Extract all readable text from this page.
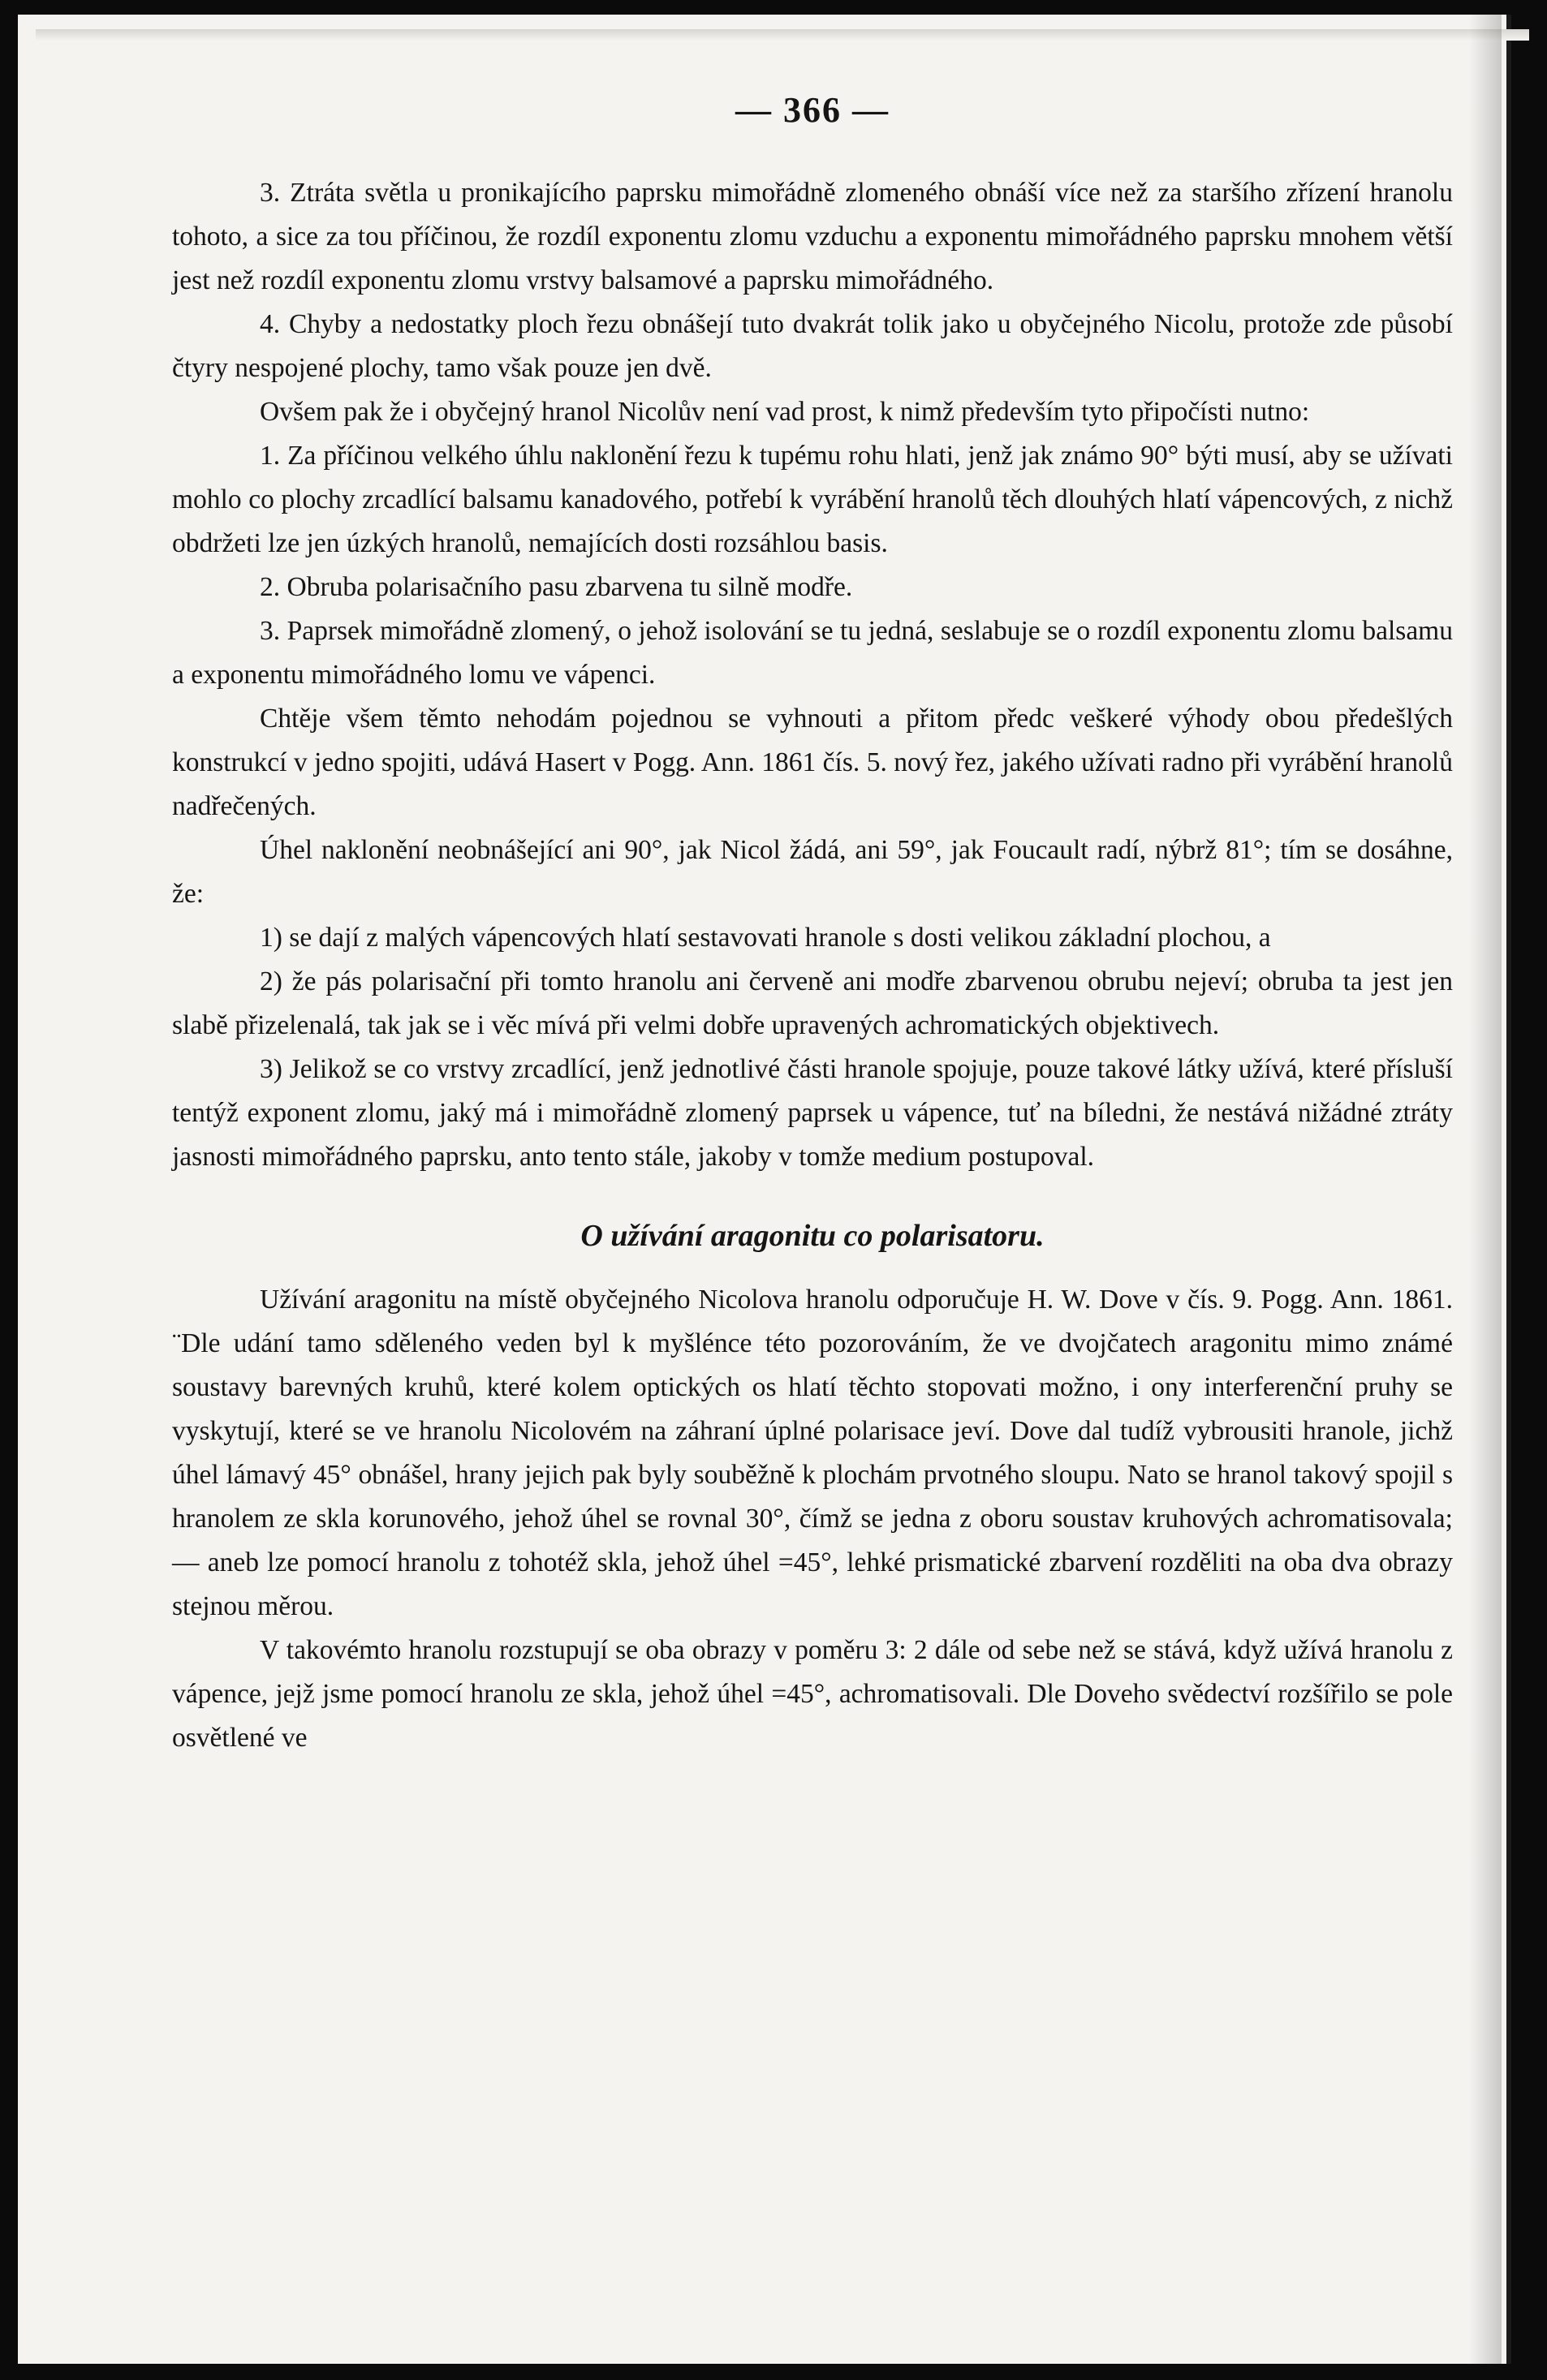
— 366 —

3. Ztráta světla u pronikajícího paprsku mimořádně zlomeného obnáší více než za staršího zřízení hranolu tohoto, a sice za tou příčinou, že rozdíl exponentu zlomu vzduchu a exponentu mimořádného paprsku mnohem větší jest než rozdíl exponentu zlomu vrstvy balsamové a paprsku mimořádného.

4. Chyby a nedostatky ploch řezu obnášejí tuto dvakrát tolik jako u obyčejného Nicolu, protože zde působí čtyry nespojené plochy, tamo však pouze jen dvě.

Ovšem pak že i obyčejný hranol Nicolův není vad prost, k nimž především tyto připočísti nutno:

1. Za příčinou velkého úhlu naklonění řezu k tupému rohu hlati, jenž jak známo 90° býti musí, aby se užívati mohlo co plochy zrcadlící balsamu kanadového, potřebí k vyrábění hranolů těch dlouhých hlatí vápencových, z nichž obdržeti lze jen úzkých hranolů, nemajících dosti rozsáhlou basis.

2. Obruba polarisačního pasu zbarvena tu silně modře.

3. Paprsek mimořádně zlomený, o jehož isolování se tu jedná, seslabuje se o rozdíl exponentu zlomu balsamu a exponentu mimořádného lomu ve vápenci.

Chtěje všem těmto nehodám pojednou se vyhnouti a přitom předc veškeré výhody obou předešlých konstrukcí v jedno spojiti, udává Hasert v Pogg. Ann. 1861 čís. 5. nový řez, jakého užívati radno při vyrábění hranolů nadřečených.

Úhel naklonění neobnášející ani 90°, jak Nicol žádá, ani 59°, jak Foucault radí, nýbrž 81°; tím se dosáhne, že:

1) se dají z malých vápencových hlatí sestavovati hranole s dosti velikou základní plochou, a

2) že pás polarisační při tomto hranolu ani červeně ani modře zbarvenou obrubu nejeví; obruba ta jest jen slabě přizelenalá, tak jak se i věc mívá při velmi dobře upravených achromatických objektivech.

3) Jelikož se co vrstvy zrcadlící, jenž jednotlivé části hranole spojuje, pouze takové látky užívá, které přísluší tentýž exponent zlomu, jaký má i mimořádně zlomený paprsek u vápence, tuť na bíledni, že nestává nižádné ztráty jasnosti mimořádného paprsku, anto tento stále, jakoby v tomže medium postupoval.

O užívání aragonitu co polarisatoru.

Užívání aragonitu na místě obyčejného Nicolova hranolu odporučuje H. W. Dove v čís. 9. Pogg. Ann. 1861. ¨Dle udání tamo sděleného veden byl k myšlénce této pozorováním, že ve dvojčatech aragonitu mimo známé soustavy barevných kruhů, které kolem optických os hlatí těchto stopovati možno, i ony interferenční pruhy se vyskytují, které se ve hranolu Nicolovém na záhraní úplné polarisace jeví. Dove dal tudíž vybrousiti hranole, jichž úhel lámavý 45° obnášel, hrany jejich pak byly souběžně k plochám prvotného sloupu. Nato se hranol takový spojil s hranolem ze skla korunového, jehož úhel se rovnal 30°, čímž se jedna z oboru soustav kruhových achromatisovala; — aneb lze pomocí hranolu z tohotéž skla, jehož úhel =45°, lehké prismatické zbarvení rozděliti na oba dva obrazy stejnou měrou.

V takovémto hranolu rozstupují se oba obrazy v poměru 3: 2 dále od sebe než se stává, když užívá hranolu z vápence, jejž jsme pomocí hranolu ze skla, jehož úhel =45°, achromatisovali. Dle Doveho svědectví rozšířilo se pole osvětlené ve
